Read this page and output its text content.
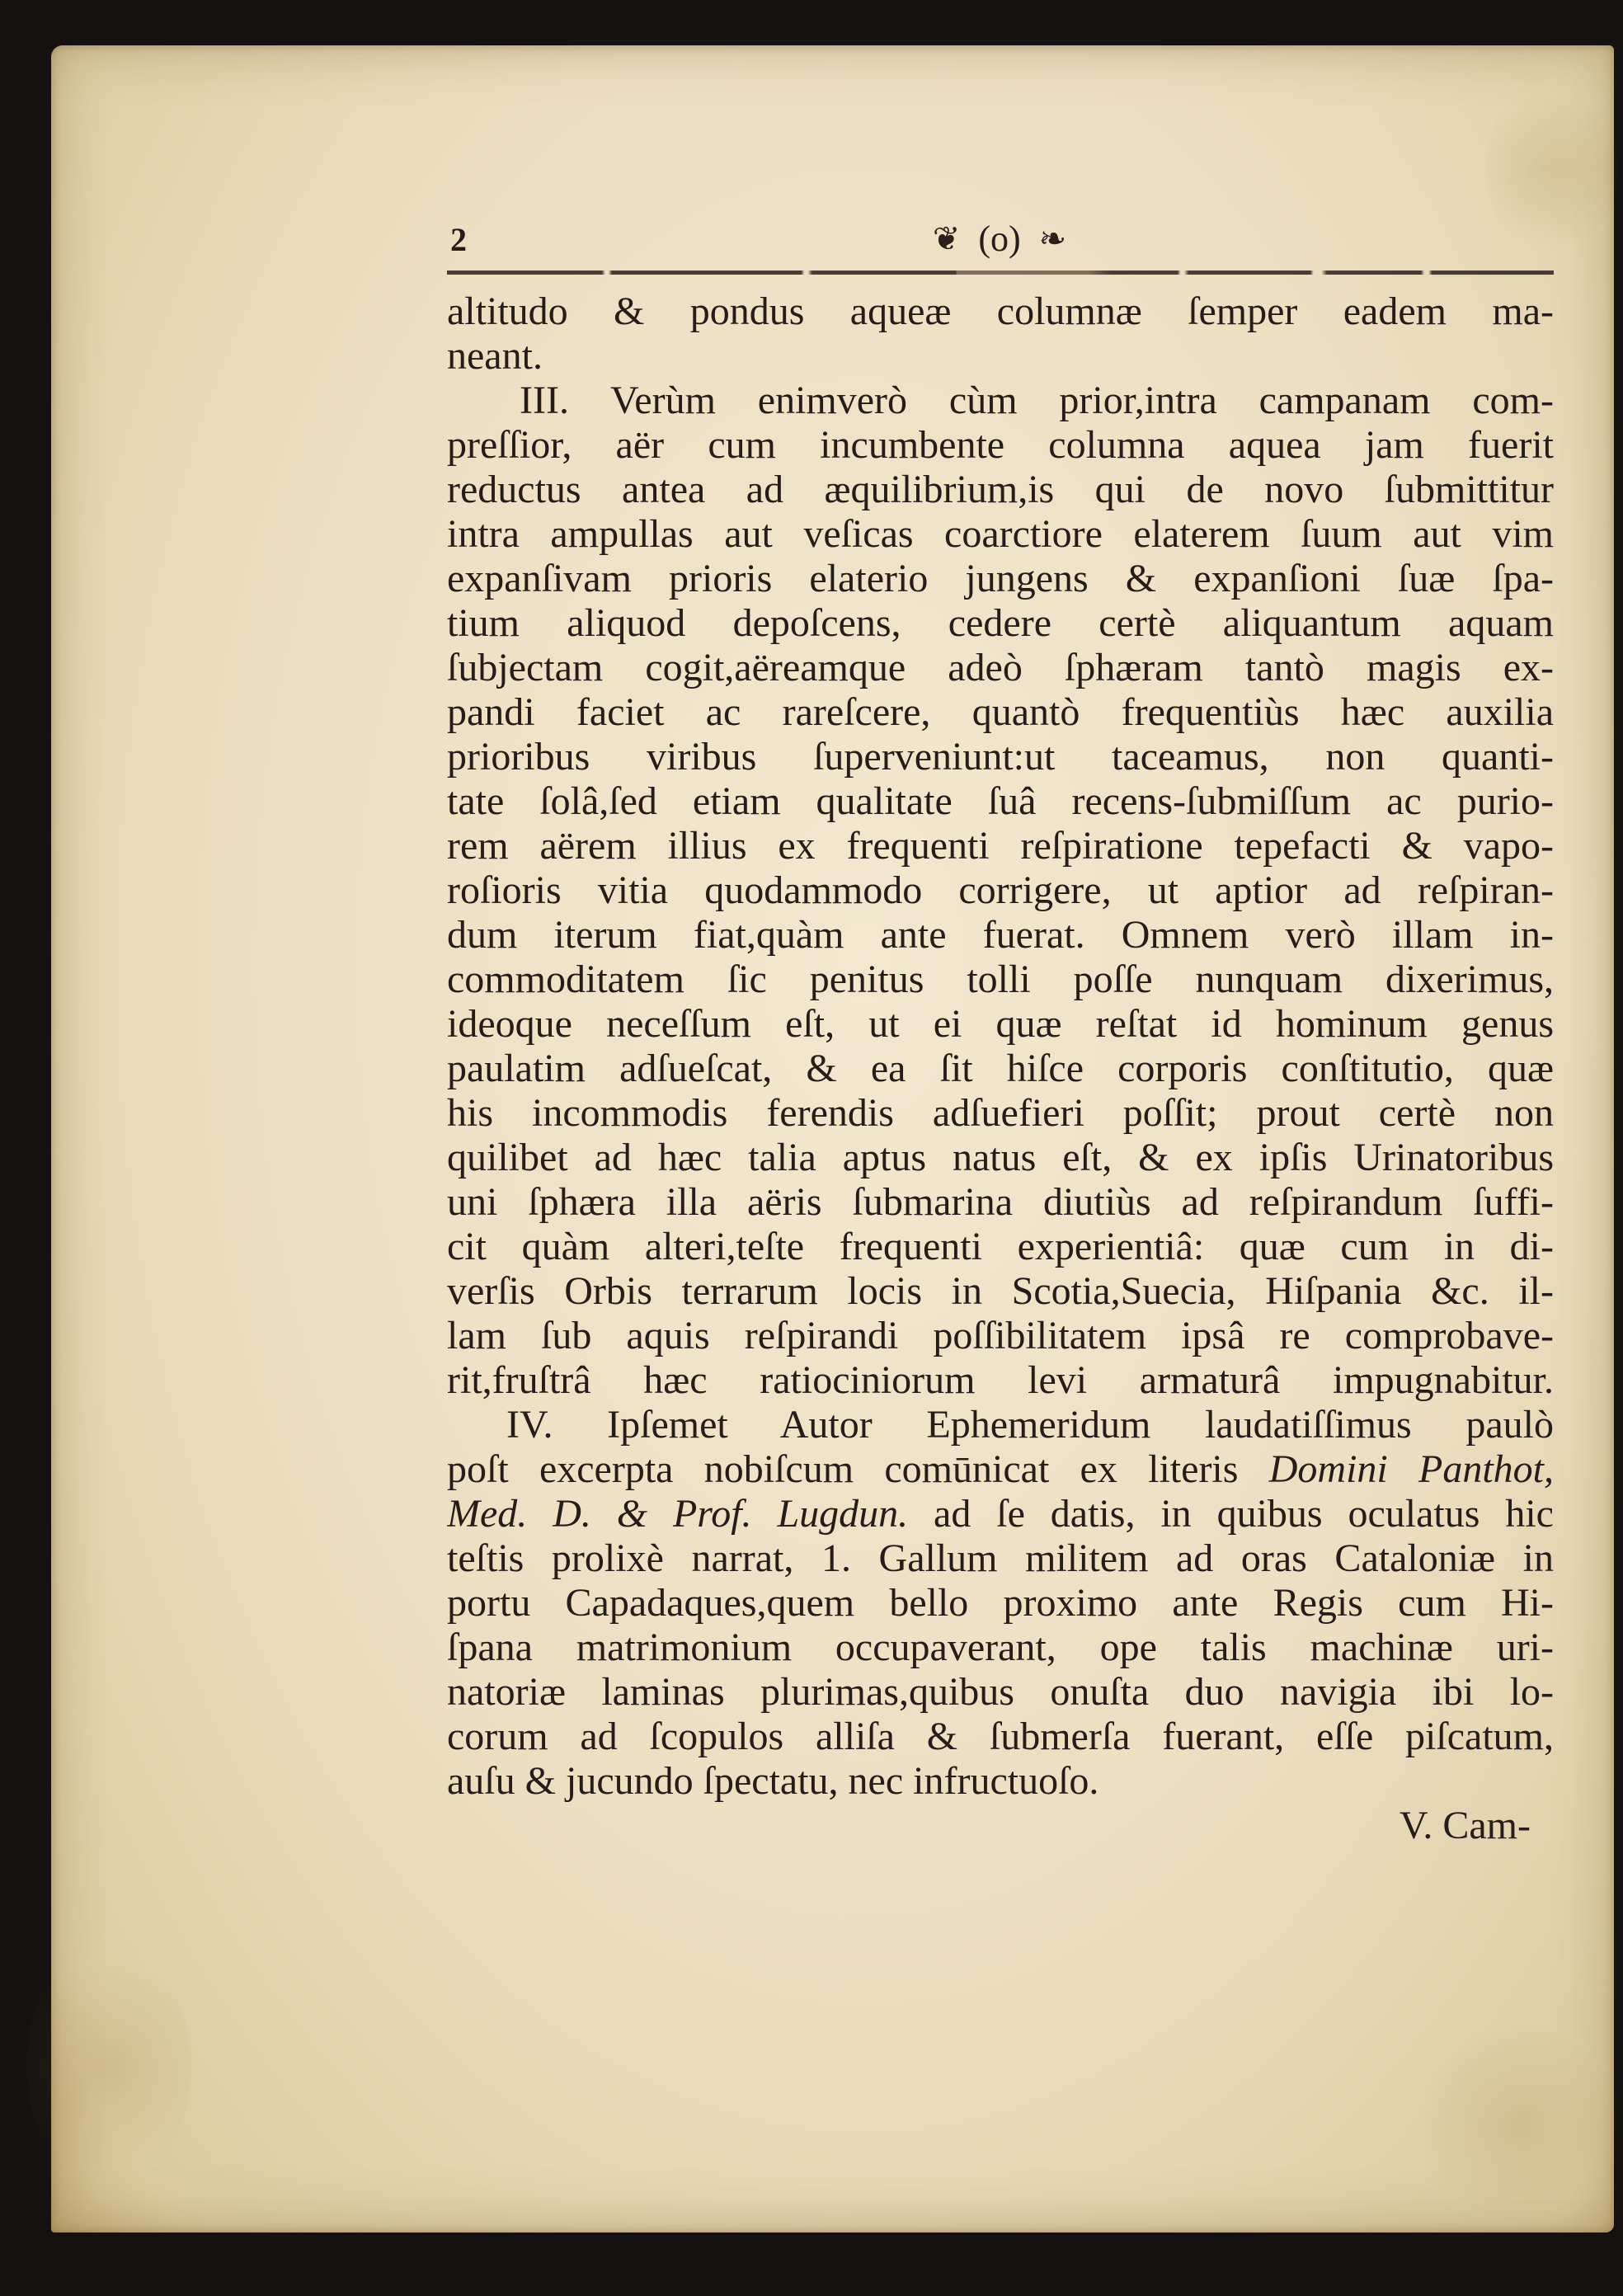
2	❦ (o) ❧
altitudo & pondus aqueæ columnæ ſemper eadem ma-
neant.
III. Verùm enimverò cùm prior,intra campanam com-
preſſior, aër cum incumbente columna aquea jam fuerit
reductus antea ad æquilibrium,is qui de novo ſubmittitur
intra ampullas aut veſicas coarctiore elaterem ſuum aut vim
expanſivam prioris elaterio jungens & expanſioni ſuæ ſpa-
tium aliquod depoſcens, cedere certè aliquantum aquam
ſubjectam cogit,aëreamque adeò ſphæram tantò magis ex-
pandi faciet ac rareſcere, quantò frequentiùs hæc auxilia
prioribus viribus ſuperveniunt:ut taceamus, non quanti-
tate ſolâ,ſed etiam qualitate ſuâ recens-ſubmiſſum ac purio-
rem aërem illius ex frequenti reſpiratione tepefacti & vapo-
roſioris vitia quodammodo corrigere, ut aptior ad reſpiran-
dum iterum fiat,quàm ante fuerat. Omnem verò illam in-
commoditatem ſic penitus tolli poſſe nunquam dixerimus,
ideoque neceſſum eſt, ut ei quæ reſtat id hominum genus
paulatim adſueſcat, & ea ſit hiſce corporis conſtitutio, quæ
his incommodis ferendis adſuefieri poſſit; prout certè non
quilibet ad hæc talia aptus natus eſt, & ex ipſis Urinatoribus
uni ſphæra illa aëris ſubmarina diutiùs ad reſpirandum ſuffi-
cit quàm alteri,teſte frequenti experientiâ: quæ cum in di-
verſis Orbis terrarum locis in Scotia,Suecia, Hiſpania &c. il-
lam ſub aquis reſpirandi poſſibilitatem ipsâ re comprobave-
rit,fruſtrâ hæc ratiociniorum levi armaturâ impugnabitur.
IV. Ipſemet Autor Ephemeridum laudatiſſimus paulò
poſt excerpta nobiſcum comūnicat ex literis Domini Panthot,
Med. D. & Prof. Lugdun. ad ſe datis, in quibus oculatus hic
teſtis prolixè narrat, 1. Gallum militem ad oras Cataloniæ in
portu Capadaques,quem bello proximo ante Regis cum Hi-
ſpana matrimonium occupaverant, ope talis machinæ uri-
natoriæ laminas plurimas,quibus onuſta duo navigia ibi lo-
corum ad ſcopulos alliſa & ſubmerſa fuerant, eſſe piſcatum,
auſu & jucundo ſpectatu, nec infructuoſo.
V. Cam-
